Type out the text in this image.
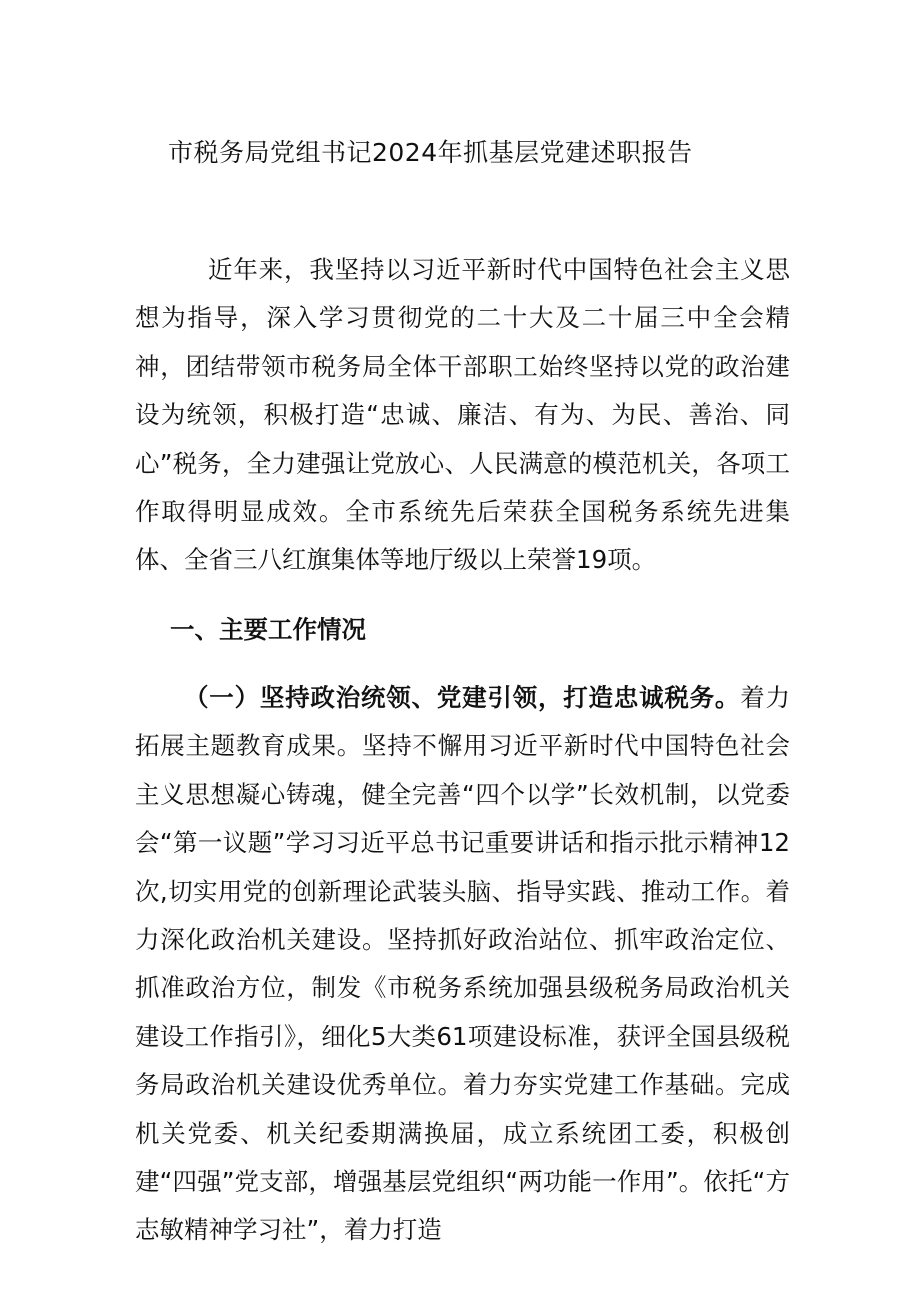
市税务局党组书记2024年抓基层党建述职报告

近年来，我坚持以习近平新时代中国特色社会主义思想为指导，深入学习贯彻党的二十大及二十届三中全会精神，团结带领市税务局全体干部职工始终坚持以党的政治建设为统领，积极打造“忠诚、廉洁、有为、为民、善治、同心”税务，全力建强让党放心、人民满意的模范机关，各项工作取得明显成效。全市系统先后荣获全国税务系统先进集体、全省三八红旗集体等地厅级以上荣誉19项。

一、主要工作情况

（一）坚持政治统领、党建引领，打造忠诚税务。着力拓展主题教育成果。坚持不懈用习近平新时代中国特色社会主义思想凝心铸魂，健全完善“四个以学”长效机制，以党委会“第一议题”学习习近平总书记重要讲话和指示批示精神12次,切实用党的创新理论武装头脑、指导实践、推动工作。着力深化政治机关建设。坚持抓好政治站位、抓牢政治定位、抓准政治方位，制发《市税务系统加强县级税务局政治机关建设工作指引》，细化5大类61项建设标准，获评全国县级税务局政治机关建设优秀单位。着力夯实党建工作基础。完成机关党委、机关纪委期满换届，成立系统团工委，积极创建“四强”党支部，增强基层党组织“两功能一作用”。依托“方志敏精神学习社”，着力打造
